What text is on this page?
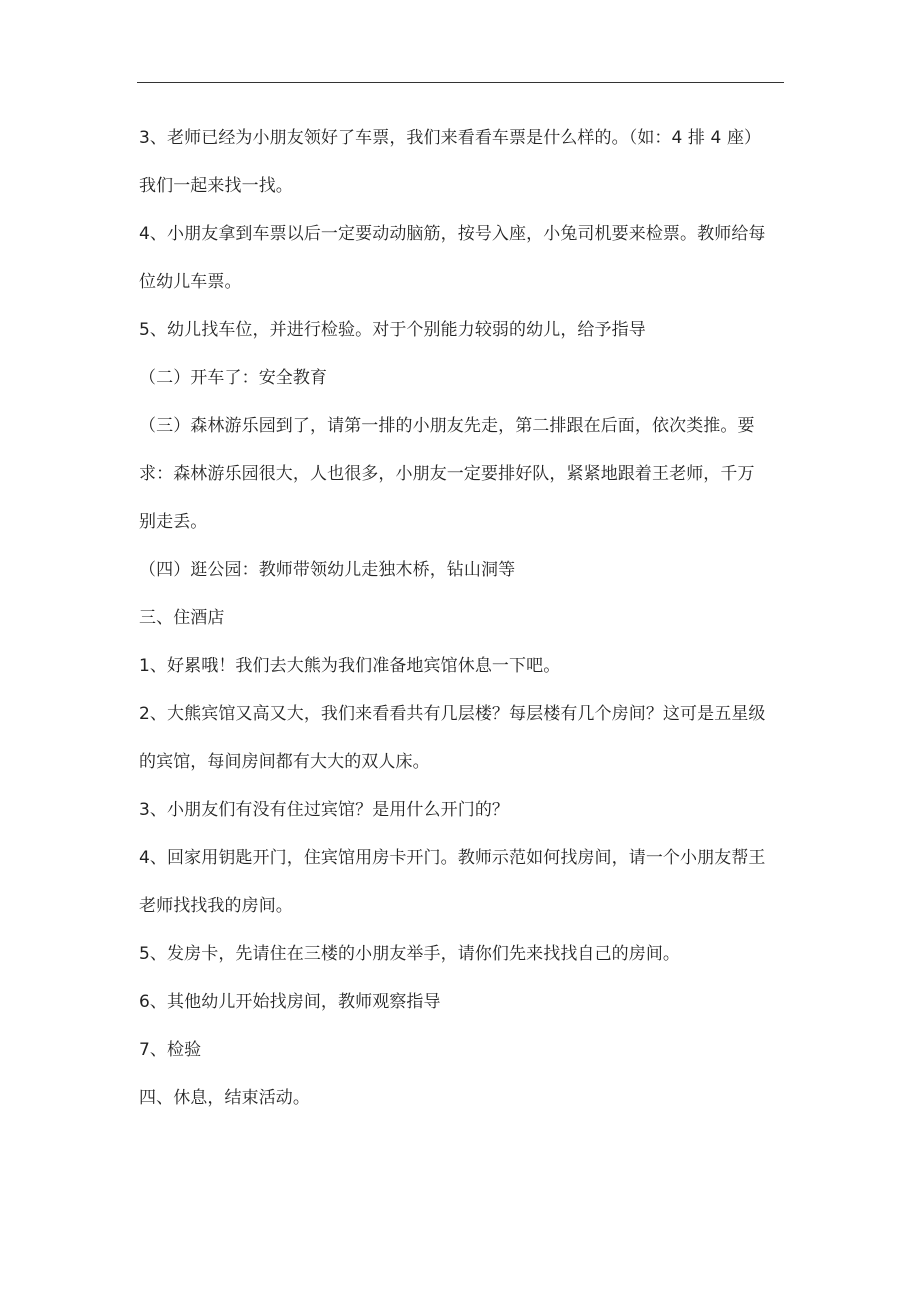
3、老师已经为小朋友领好了车票，我们来看看车票是什么样的。（如：4 排 4 座）
我们一起来找一找。
4、小朋友拿到车票以后一定要动动脑筋，按号入座，小兔司机要来检票。教师给每
位幼儿车票。
5、幼儿找车位，并进行检验。对于个别能力较弱的幼儿，给予指导
（二）开车了：安全教育
（三）森林游乐园到了，请第一排的小朋友先走，第二排跟在后面，依次类推。要
求：森林游乐园很大，人也很多，小朋友一定要排好队，紧紧地跟着王老师，千万
别走丢。
（四）逛公园：教师带领幼儿走独木桥，钻山洞等
三、住酒店
1、好累哦！我们去大熊为我们准备地宾馆休息一下吧。
2、大熊宾馆又高又大，我们来看看共有几层楼？每层楼有几个房间？这可是五星级
的宾馆，每间房间都有大大的双人床。
3、小朋友们有没有住过宾馆？是用什么开门的？
4、回家用钥匙开门，住宾馆用房卡开门。教师示范如何找房间，请一个小朋友帮王
老师找找我的房间。
5、发房卡，先请住在三楼的小朋友举手，请你们先来找找自己的房间。
6、其他幼儿开始找房间，教师观察指导
7、检验
四、休息，结束活动。
